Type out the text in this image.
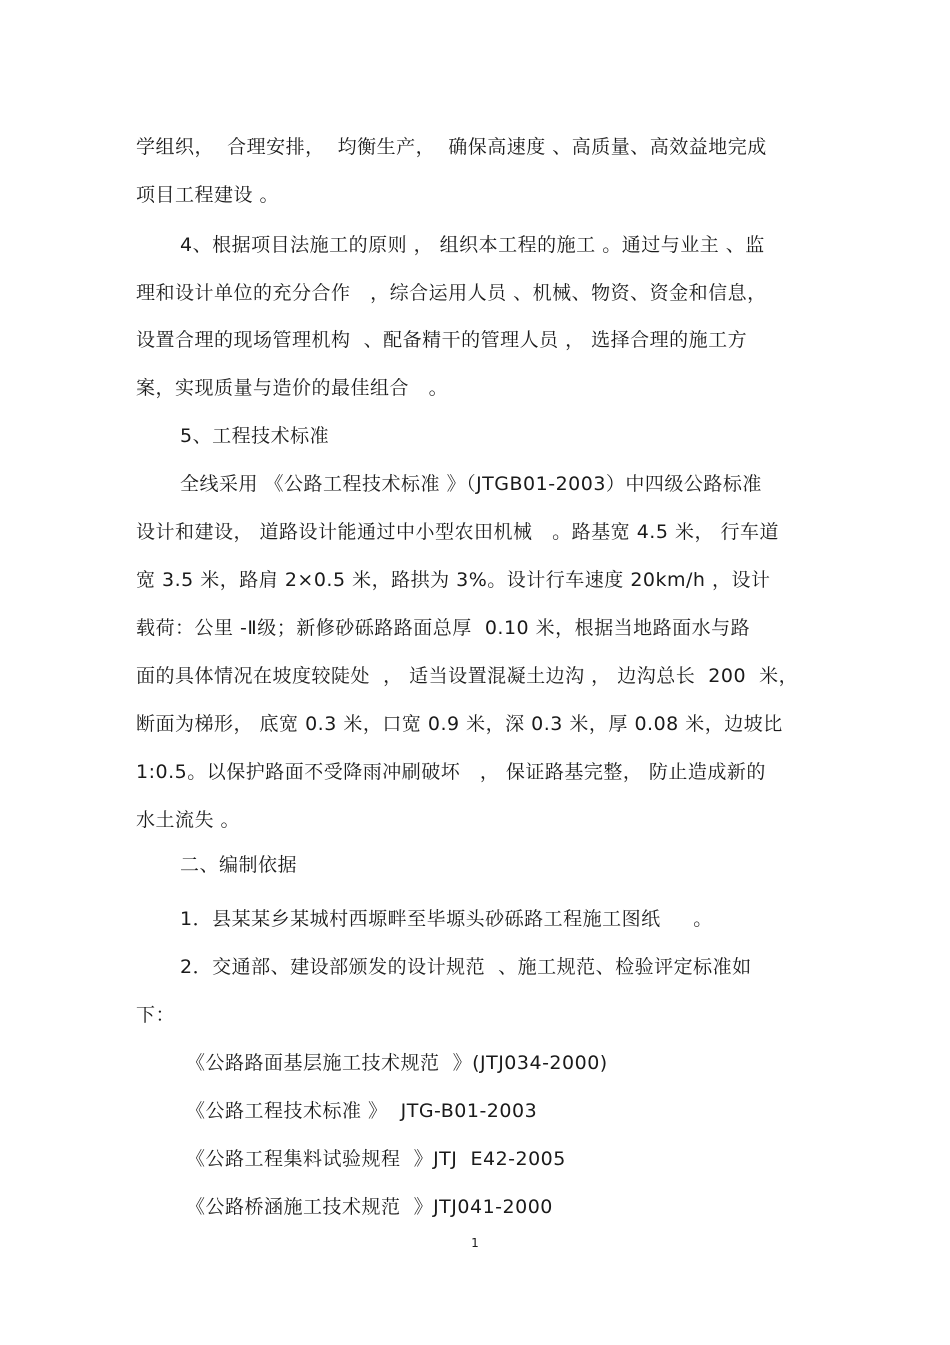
学组织，  合理安排，  均衡生产，  确保高速度 、高质量、高效益地完成
项目工程建设 。
4、根据项目法施工的原则 ， 组织本工程的施工 。通过与业主 、监
理和设计单位的充分合作   ，综合运用人员 、机械、物资、资金和信息，
设置合理的现场管理机构  、配备精干的管理人员 ， 选择合理的施工方
案，实现质量与造价的最佳组合   。
5、工程技术标准
全线采用 《公路工程技术标准 》（JTGB01-2003）中四级公路标准
设计和建设， 道路设计能通过中小型农田机械   。路基宽 4.5 米， 行车道
宽 3.5 米，路肩 2×0.5 米，路拱为 3%。设计行车速度 20km/h ，设计
载荷：公里 -Ⅱ级；新修砂砾路路面总厚  0.10 米，根据当地路面水与路
面的具体情况在坡度较陡处  ， 适当设置混凝土边沟 ， 边沟总长  200  米，
断面为梯形， 底宽 0.3 米，口宽 0.9 米，深 0.3 米，厚 0.08 米，边坡比
1:0.5。以保护路面不受降雨冲刷破坏   ， 保证路基完整， 防止造成新的
水土流失 。
二、编制依据
1．县某某乡某城村西塬畔至毕塬头砂砾路工程施工图纸     。
2．交通部、建设部颁发的设计规范  、施工规范、检验评定标准如
下：
《公路路面基层施工技术规范  》(JTJ034-2000)
《公路工程技术标准 》  JTG-B01-2003
《公路工程集料试验规程  》JTJ  E42-2005
《公路桥涵施工技术规范  》JTJ041-2000
1
